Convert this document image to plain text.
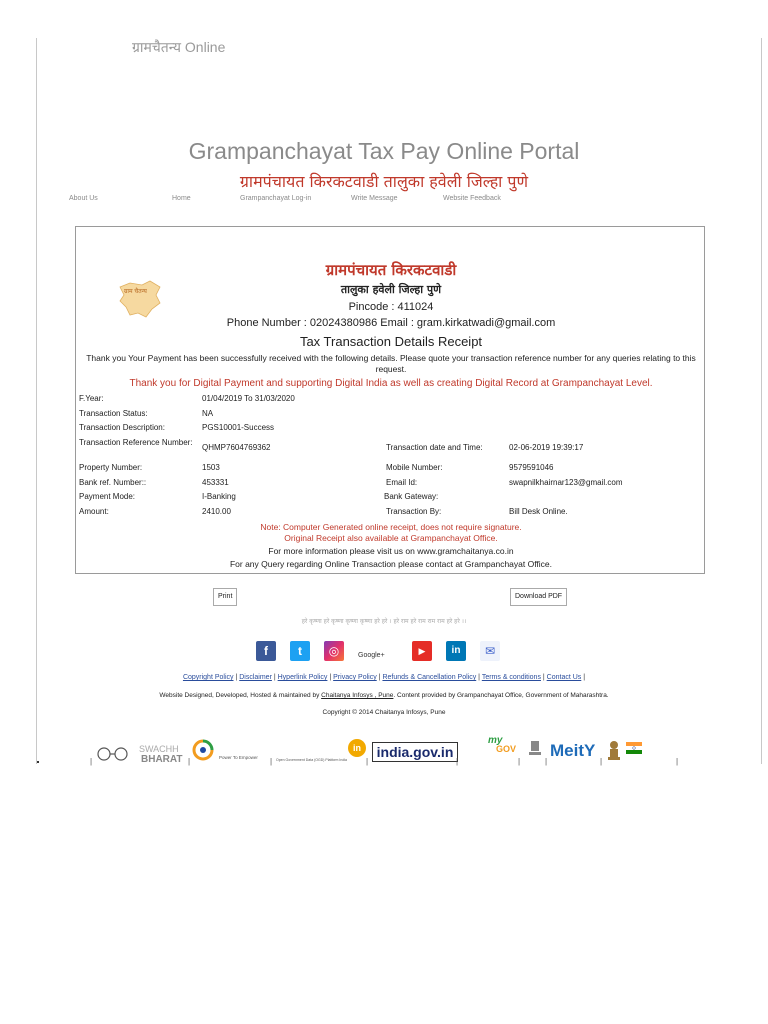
ग्रामचैतन्य Online
Grampanchayat Tax Pay Online Portal
ग्रामपंचायत किरकटवाडी तालुका हवेली जिल्हा पुणे
About Us	Home	Grampanchayat Log-in	Write Message	Website Feedback
ग्राम चैतन्य
ग्रामपंचायत किरकटवाडी
तालुका हवेली जिल्हा पुणे
Pincode : 411024
Phone Number : 02024380986 Email : gram.kirkatwadi@gmail.com
Tax Transaction Details Receipt
Thank you Your Payment has been successfully received with the following details. Please quote your transaction reference number for any queries relating to this request.
Thank you for Digital Payment and supporting Digital India as well as creating Digital Record at Grampanchayat Level.
F.Year:	01/04/2019 To 31/03/2020
Transaction Status:	NA
Transaction Description:	PGS10001-Success
Transaction Reference Number:
QHMP7604769362	Transaction date and Time:	02-06-2019 19:39:17
Property Number:	1503	Mobile Number:	9579591046
Bank ref. Number::	453331	Email Id:	swapnilkhairnar123@gmail.com
Payment Mode:	I-Banking	Bank Gateway:
Amount:	2410.00	Transaction By:	Bill Desk Online.
Note: Computer Generated online receipt, does not require signature.
Original Receipt also available at Grampanchayat Office.
For more information please visit us on www.gramchaitanya.co.in
For any Query regarding Online Transaction please contact at Grampanchayat Office.
Print	Download PDF
हरे कृष्णा हरे कृष्णा कृष्णा कृष्णा हरे हरे । हरे राम हरे राम राम राम हरे हरे ।।
f	t	◎	Google+	▶	in	✉
Copyright Policy | Disclaimer | Hyperlink Policy | Privacy Policy | Refunds & Cancellation Policy | Terms & conditions | Contact Us |
Website Designed, Developed, Hosted & maintained by Chaitanya Infosys , Pune. Content provided by Grampanchayat Office, Government of Maharashtra.
Copyright © 2014 Chaitanya Infosys, Pune
SWACHH
BHARAT	Power To Empower	Open Government Data (OGD) Platform India
in	india.gov.in
my
GOV MeitY
|	|	|	|	|	|	|	|	|
